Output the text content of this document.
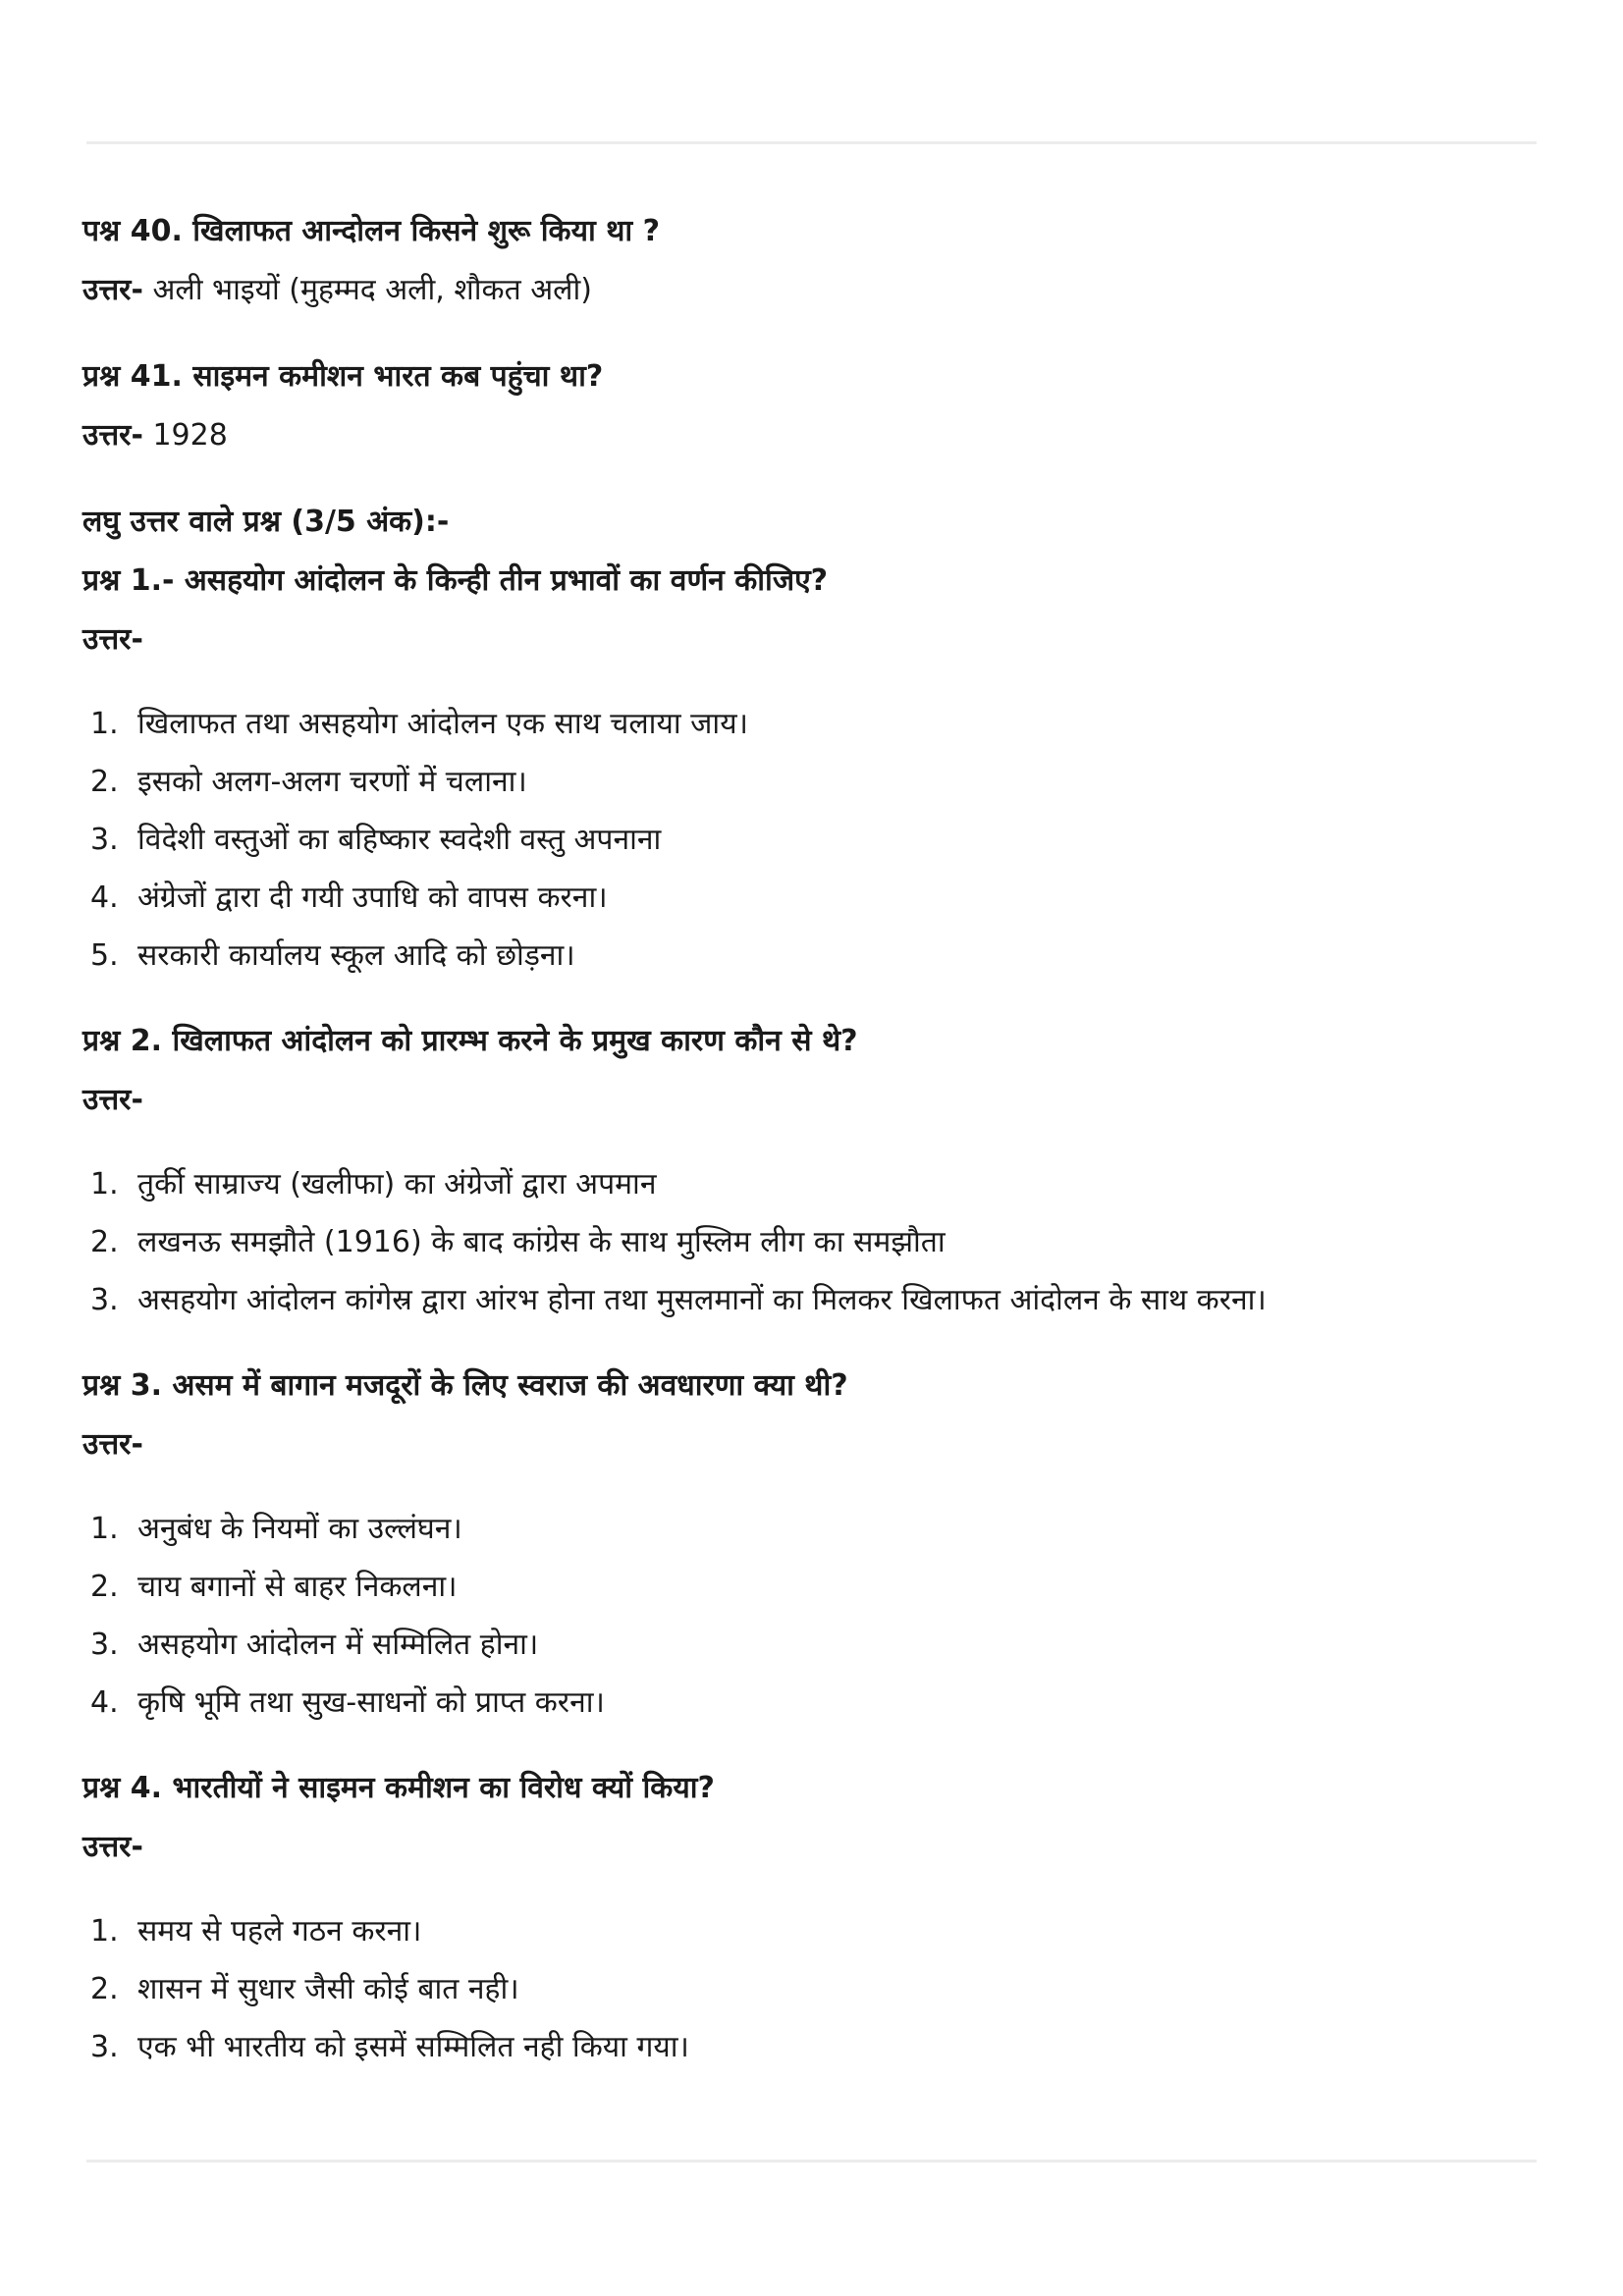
पश्न 40. खिलाफत आन्दोलन किसने शुरू किया था ?

उत्तर- अली भाइयों (मुहम्मद अली, शौकत अली)

प्रश्न 41. साइमन कमीशन भारत कब पहुंचा था?

उत्तर- 1928

लघु उत्तर वाले प्रश्न (3/5 अंक):-

प्रश्न 1.- असहयोग आंदोलन के किन्ही तीन प्रभावों का वर्णन कीजिए?

उत्तर-

1. खिलाफत तथा असहयोग आंदोलन एक साथ चलाया जाय।
2. इसको अलग-अलग चरणों में चलाना।
3. विदेशी वस्तुओं का बहिष्कार स्वदेशी वस्तु अपनाना
4. अंग्रेजों द्वारा दी गयी उपाधि को वापस करना।
5. सरकारी कार्यालय स्कूल आदि को छोड़ना।

प्रश्न 2. खिलाफत आंदोलन को प्रारम्भ करने के प्रमुख कारण कौन से थे?

उत्तर-

1. तुर्की साम्राज्य (खलीफा) का अंग्रेजों द्वारा अपमान
2. लखनऊ समझौते (1916) के बाद कांग्रेस के साथ मुस्लिम लीग का समझौता
3. असहयोग आंदोलन कांगेस्र द्वारा आंरभ होना तथा मुसलमानों का मिलकर खिलाफत आंदोलन के साथ करना।

प्रश्न 3. असम में बागान मजदूरों के लिए स्वराज की अवधारणा क्या थी?

उत्तर-

1. अनुबंध के नियमों का उल्लंघन।
2. चाय बगानों से बाहर निकलना।
3. असहयोग आंदोलन में सम्मिलित होना।
4. कृषि भूमि तथा सुख-साधनों को प्राप्त करना।

प्रश्न 4. भारतीयों ने साइमन कमीशन का विरोध क्यों किया?

उत्तर-

1. समय से पहले गठन करना।
2. शासन में सुधार जैसी कोई बात नही।
3. एक भी भारतीय को इसमें सम्मिलित नही किया गया।
